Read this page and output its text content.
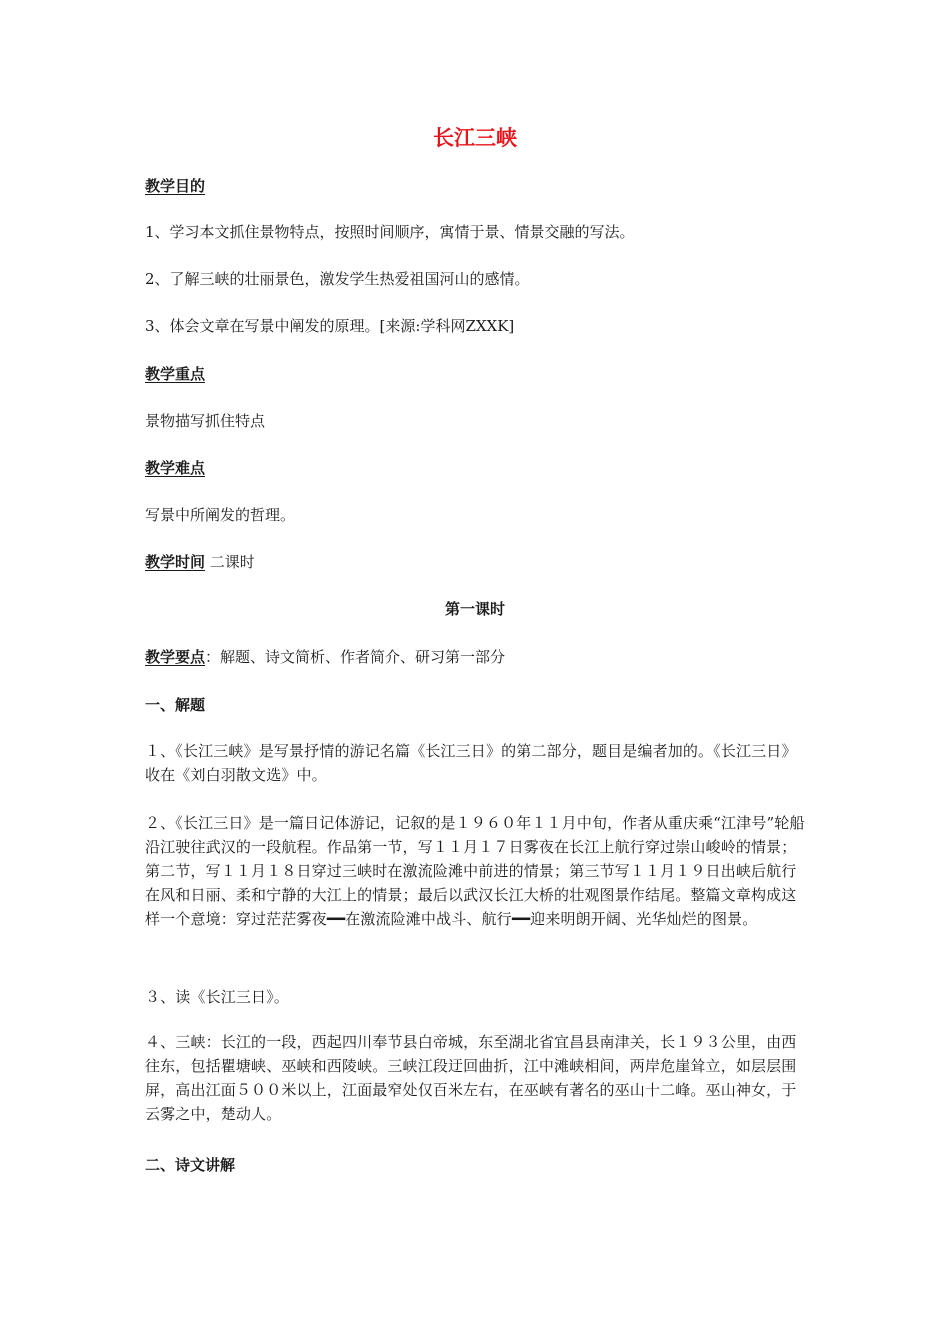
长江三峡
教学目的
1、学习本文抓住景物特点，按照时间顺序，寓情于景、情景交融的写法。
2、了解三峡的壮丽景色，激发学生热爱祖国河山的感情。
3、体会文章在写景中阐发的原理。[来源:学科网ZXXK]
教学重点
景物描写抓住特点
教学难点
写景中所阐发的哲理。
教学时间 二课时
第一课时
教学要点：解题、诗文简析、作者简介、研习第一部分
一、解题
１、《长江三峡》是写景抒情的游记名篇《长江三日》的第二部分，题目是编者加的。《长江三日》收在《刘白羽散文选》中。
２、《长江三日》是一篇日记体游记，记叙的是１９６０年１１月中旬，作者从重庆乘“江津号”轮船沿江驶往武汉的一段航程。作品第一节，写１１月１７日雾夜在长江上航行穿过崇山峻岭的情景；第二节，写１１月１８日穿过三峡时在激流险滩中前进的情景；第三节写１１月１９日出峡后航行在风和日丽、柔和宁静的大江上的情景；最后以武汉长江大桥的壮观图景作结尾。整篇文章构成这样一个意境：穿过茫茫雾夜━━在激流险滩中战斗、航行━━迎来明朗开阔、光华灿烂的图景。
３、读《长江三日》。
４、三峡：长江的一段，西起四川奉节县白帝城，东至湖北省宜昌县南津关，长１９３公里，由西往东，包括瞿塘峡、巫峡和西陵峡。三峡江段迂回曲折，江中滩峡相间，两岸危崖耸立，如层层围屏，高出江面５００米以上，江面最窄处仅百米左右，在巫峡有著名的巫山十二峰。巫山神女，于云雾之中，楚动人。
二、诗文讲解
